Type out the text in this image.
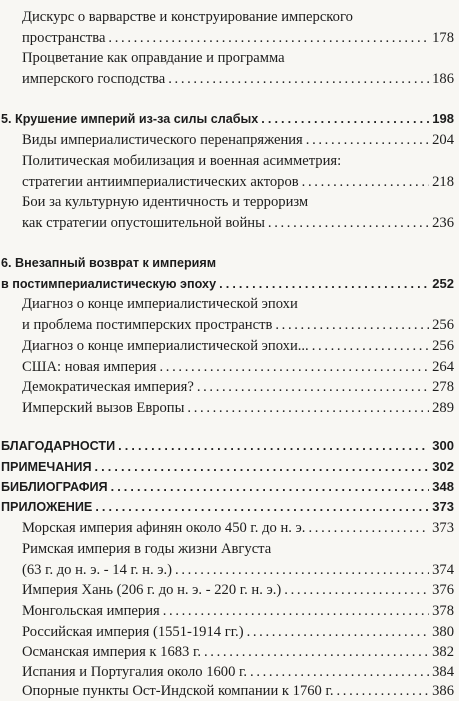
Дискурс о варварстве и конструирование имперского
пространства . . .	178
Процветание как оправдание и программа
имперского господства . . .	186
5. Крушение империй из-за силы слабых . . .	198
Виды империалистического перенапряжения . . .	204
Политическая мобилизация и военная асимметрия:
стратегии антиимпериалистических акторов . . .	218
Бои за культурную идентичность и терроризм
как стратегии опустошительной войны . . .	236
6. Внезапный возврат к империям
в постимпериалистическую эпоху . . .	252
Диагноз о конце империалистической эпохи
и проблема постимперских пространств . . .	256
Диагноз о конце империалистической эпохи... . . .	256
США: новая империя . . .	264
Демократическая империя? . . .	278
Имперский вызов Европы . . .	289
БЛАГОДАРНОСТИ . . .	300
ПРИМЕЧАНИЯ . . .	302
БИБЛИОГРАФИЯ . . .	348
ПРИЛОЖЕНИЕ . . .	373
Морская империя афинян около 450 г. до н. э. . . .	373
Римская империя в годы жизни Августа
(63 г. до н. э. - 14 г. н. э.) . . .	374
Империя Хань (206 г. до н. э. - 220 г. н. э.) . . .	376
Монгольская империя . . .	378
Российская империя (1551-1914 гг.) . . .	380
Османская империя к 1683 г. . . .	382
Испания и Португалия около 1600 г. . . .	384
Опорные пункты Ост-Индской компании к 1760 г. . . .	386
